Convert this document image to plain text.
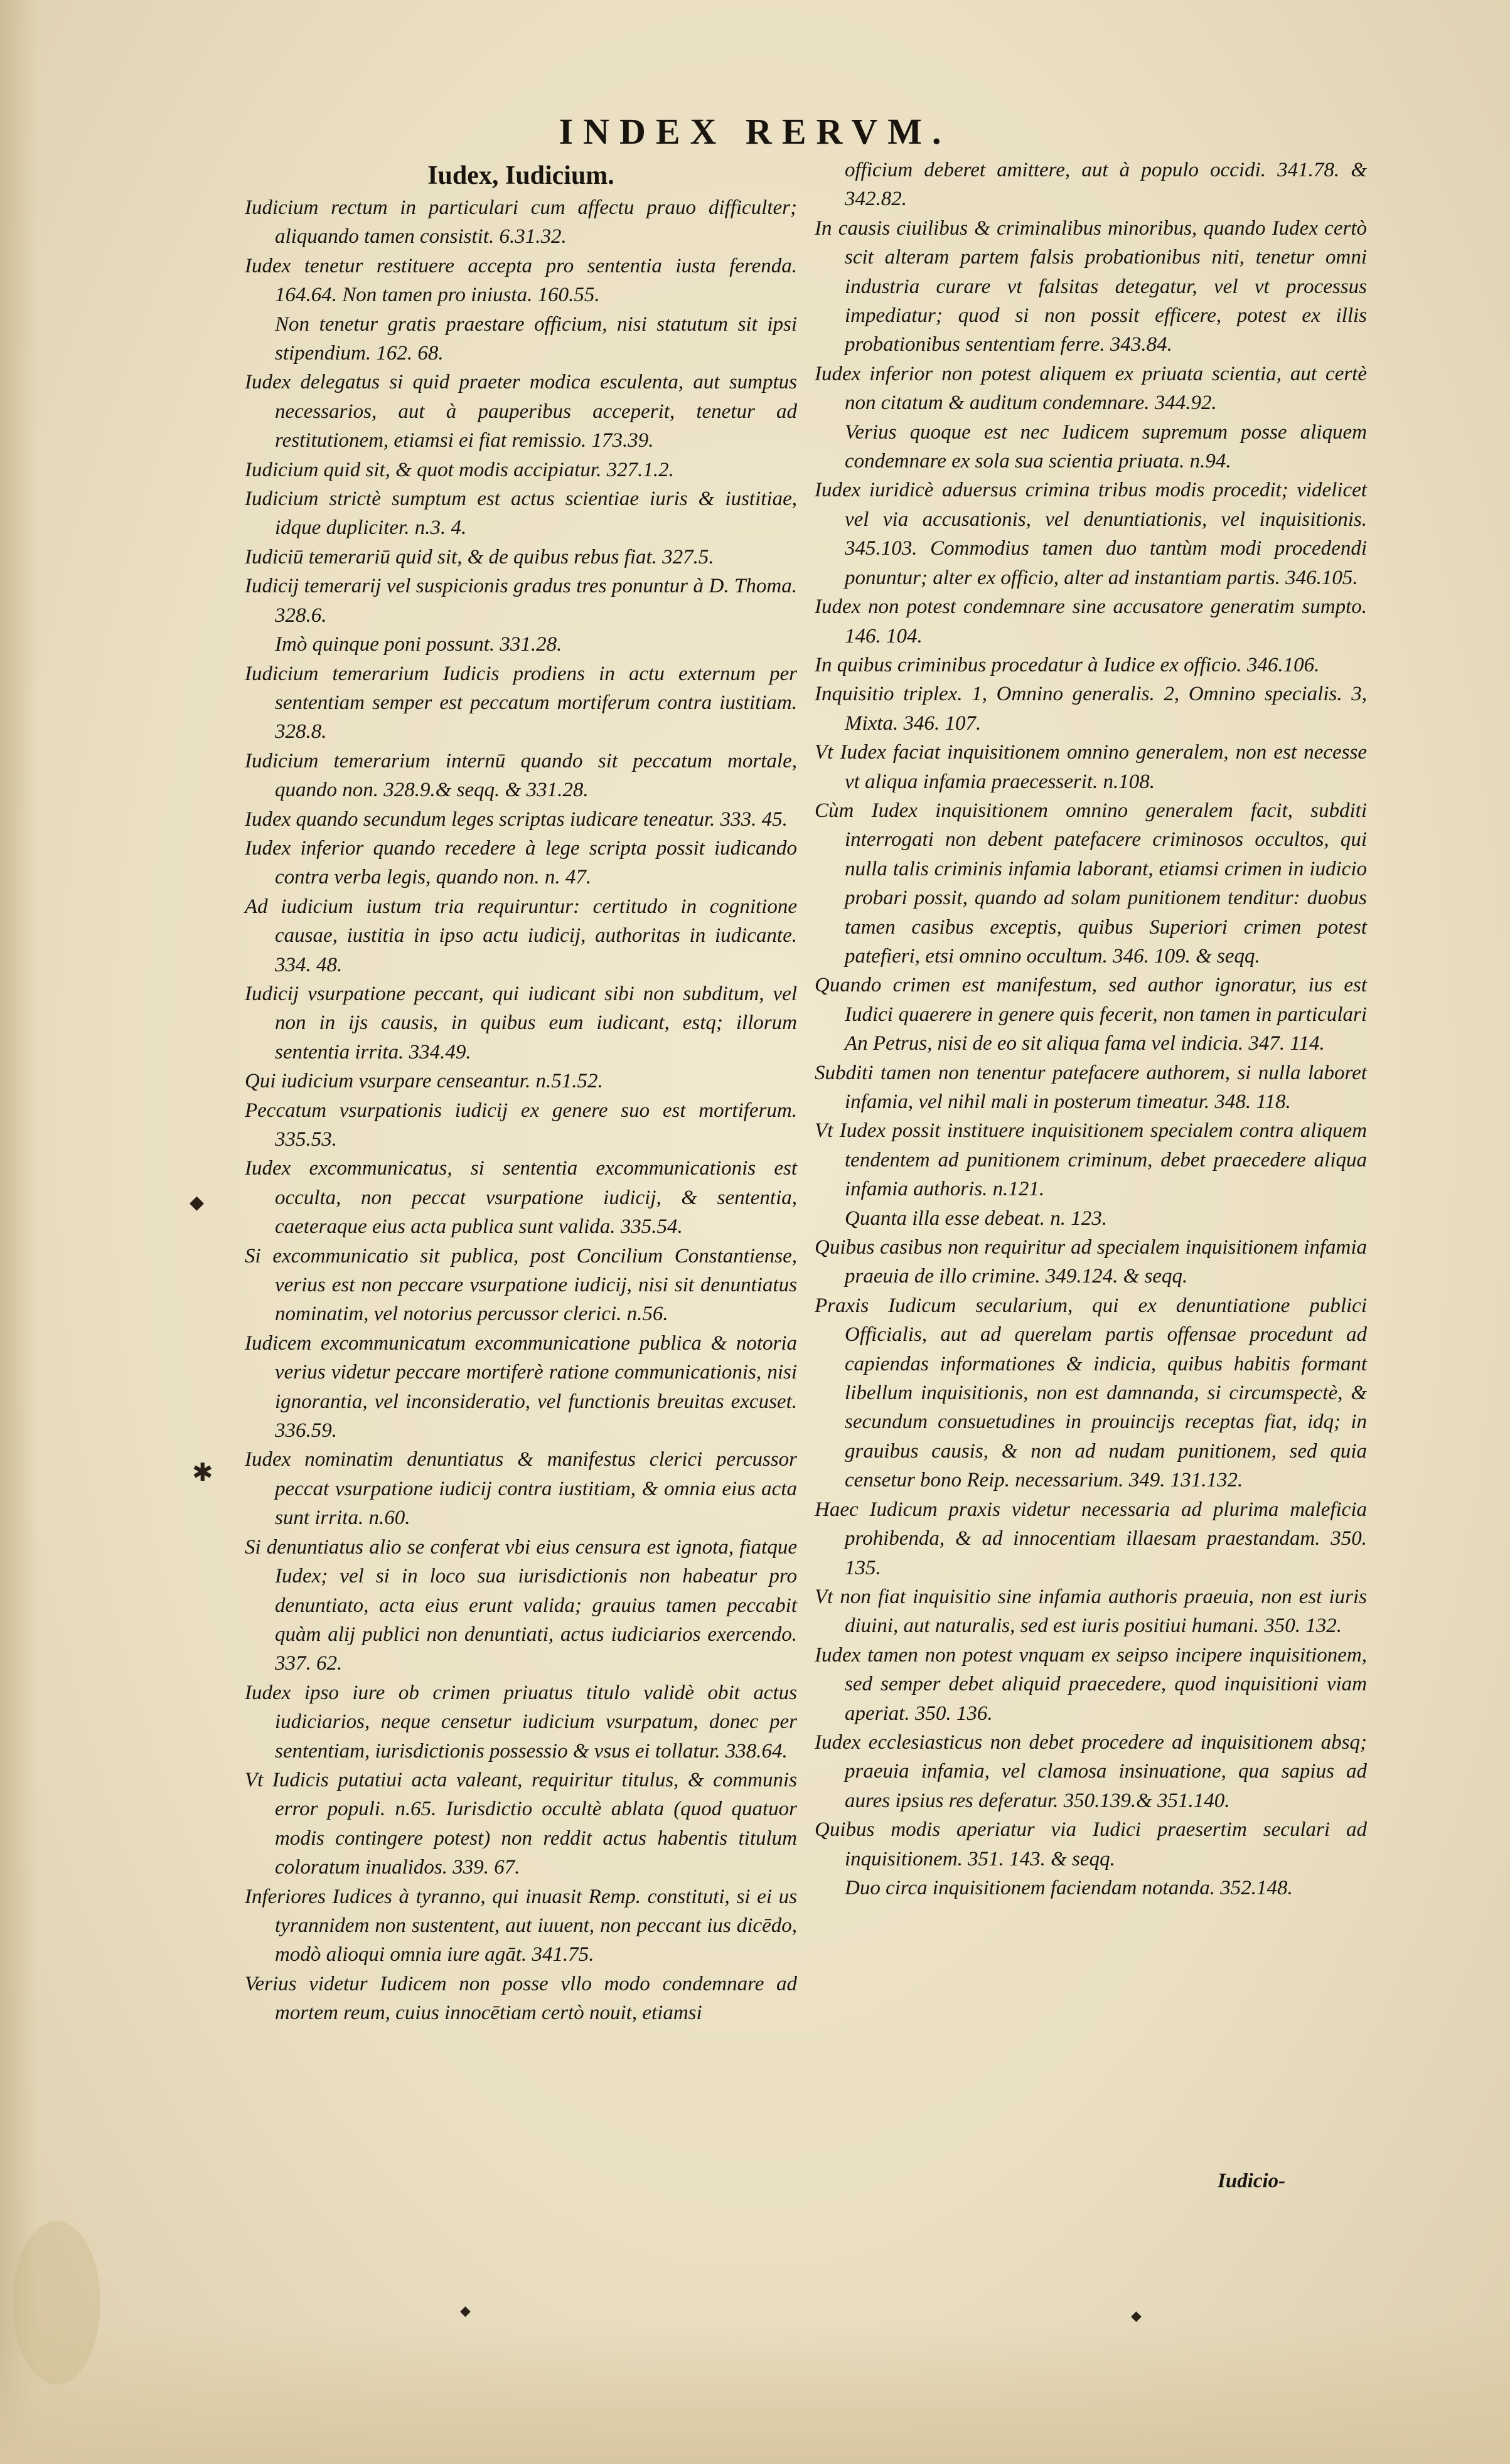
INDEX RERVM.
Iudex, Iudicium.

Iudicium rectum in particulari cum affectu prauo difficulter; aliquando tamen consistit. 6.31.32.

Iudex tenetur restituere accepta pro sententia iusta ferenda. 164.64. Non tamen pro iniusta. 160.55.

Non tenetur gratis praestare officium, nisi statutum sit ipsi stipendium. 162. 68.

Iudex delegatus si quid praeter modica esculenta, aut sumptus necessarios, aut à pauperibus acceperit, tenetur ad restitutionem, etiamsi ei fiat remissio. 173.39.

Iudicium quid sit, & quot modis accipiatur. 327.1.2.

Iudicium strictè sumptum est actus scientiae iuris & iustitiae, idque dupliciter. n.3. 4.

Iudiciū temerariū quid sit, & de quibus rebus fiat. 327.5.

Iudicij temerarij vel suspicionis gradus tres ponuntur à D. Thoma. 328.6.

Imò quinque poni possunt. 331.28.

Iudicium temerarium Iudicis prodiens in actu externum per sententiam semper est peccatum mortiferum contra iustitiam. 328.8.

Iudicium temerarium internū quando sit peccatum mortale, quando non. 328.9.& seqq. & 331.28.

Iudex quando secundum leges scriptas iudicare teneatur. 333. 45.

Iudex inferior quando recedere à lege scripta possit iudicando contra verba legis, quando non. n. 47.

Ad iudicium iustum tria requiruntur: certitudo in cognitione causae, iustitia in ipso actu iudicij, authoritas in iudicante. 334. 48.

Iudicij vsurpatione peccant, qui iudicant sibi non subditum, vel non in ijs causis, in quibus eum iudicant, estq; illorum sententia irrita. 334.49.

Qui iudicium vsurpare censeantur. n.51.52.

Peccatum vsurpationis iudicij ex genere suo est mortiferum. 335.53.

Iudex excommunicatus, si sententia excommunicationis est occulta, non peccat vsurpatione iudicij, & sententia, caeteraque eius acta publica sunt valida. 335.54.

Si excommunicatio sit publica, post Concilium Constantiense, verius est non peccare vsurpatione iudicij, nisi sit denuntiatus nominatim, vel notorius percussor clerici. n.56.

Iudicem excommunicatum excommunicatione publica & notoria verius videtur peccare mortiferè ratione communicationis, nisi ignorantia, vel inconsideratio, vel functionis breuitas excuset. 336.59.

Iudex nominatim denuntiatus & manifestus clerici percussor peccat vsurpatione iudicij contra iustitiam, & omnia eius acta sunt irrita. n.60.

Si denuntiatus alio se conferat vbi eius censura est ignota, fiatque Iudex; vel si in loco sua iurisdictionis non habeatur pro denuntiato, acta eius erunt valida; grauius tamen peccabit quàm alij publici non denuntiati, actus iudiciarios exercendo. 337. 62.

Iudex ipso iure ob crimen priuatus titulo validè obit actus iudiciarios, neque censetur iudicium vsurpatum, donec per sententiam, iurisdictionis possessio & vsus ei tollatur. 338.64.

Vt Iudicis putatiui acta valeant, requiritur titulus, & communis error populi. n.65. Iurisdictio occultè ablata (quod quatuor modis contingere potest) non reddit actus habentis titulum coloratum inualidos. 339. 67.

Inferiores Iudices à tyranno, qui inuasit Remp. constituti, si ei us tyrannidem non sustentent, aut iuuent, non peccant ius dicēdo, modò alioqui omnia iure agāt. 341.75.

Verius videtur Iudicem non posse vllo modo condemnare ad mortem reum, cuius innocētiam certò nouit, etiamsi

officium deberet amittere, aut à populo occidi. 341.78. & 342.82.

In causis ciuilibus & criminalibus minoribus, quando Iudex certò scit alteram partem falsis probationibus niti, tenetur omni industria curare vt falsitas detegatur, vel vt processus impediatur; quod si non possit efficere, potest ex illis probationibus sententiam ferre. 343.84.

Iudex inferior non potest aliquem ex priuata scientia, aut certè non citatum & auditum condemnare. 344.92.

Verius quoque est nec Iudicem supremum posse aliquem condemnare ex sola sua scientia priuata. n.94.

Iudex iuridicè aduersus crimina tribus modis procedit; videlicet vel via accusationis, vel denuntiationis, vel inquisitionis. 345.103. Commodius tamen duo tantùm modi procedendi ponuntur; alter ex officio, alter ad instantiam partis. 346.105.

Iudex non potest condemnare sine accusatore generatim sumpto. 146. 104.

In quibus criminibus procedatur à Iudice ex officio. 346.106.

Inquisitio triplex. 1, Omnino generalis. 2, Omnino specialis. 3, Mixta. 346. 107.

Vt Iudex faciat inquisitionem omnino generalem, non est necesse vt aliqua infamia praecesserit. n.108.

Cùm Iudex inquisitionem omnino generalem facit, subditi interrogati non debent patefacere criminosos occultos, qui nulla talis criminis infamia laborant, etiamsi crimen in iudicio probari possit, quando ad solam punitionem tenditur: duobus tamen casibus exceptis, quibus Superiori crimen potest patefieri, etsi omnino occultum. 346. 109. & seqq.

Quando crimen est manifestum, sed author ignoratur, ius est Iudici quaerere in genere quis fecerit, non tamen in particulari An Petrus, nisi de eo sit aliqua fama vel indicia. 347. 114.

Subditi tamen non tenentur patefacere authorem, si nulla laboret infamia, vel nihil mali in posterum timeatur. 348. 118.

Vt Iudex possit instituere inquisitionem specialem contra aliquem tendentem ad punitionem criminum, debet praecedere aliqua infamia authoris. n.121.

Quanta illa esse debeat. n. 123.

Quibus casibus non requiritur ad specialem inquisitionem infamia praeuia de illo crimine. 349.124. & seqq.

Praxis Iudicum secularium, qui ex denuntiatione publici Officialis, aut ad querelam partis offensae procedunt ad capiendas informationes & indicia, quibus habitis formant libellum inquisitionis, non est damnanda, si circumspectè, & secundum consuetudines in prouincijs receptas fiat, idq; in grauibus causis, & non ad nudam punitionem, sed quia censetur bono Reip. necessarium. 349. 131.132.

Haec Iudicum praxis videtur necessaria ad plurima maleficia prohibenda, & ad innocentiam illaesam praestandam. 350. 135.

Vt non fiat inquisitio sine infamia authoris praeuia, non est iuris diuini, aut naturalis, sed est iuris positiui humani. 350. 132.

Iudex tamen non potest vnquam ex seipso incipere inquisitionem, sed semper debet aliquid praecedere, quod inquisitioni viam aperiat. 350. 136.

Iudex ecclesiasticus non debet procedere ad inquisitionem absq; praeuia infamia, vel clamosa insinuatione, qua sapius ad aures ipsius res deferatur. 350.139.& 351.140.

Quibus modis aperiatur via Iudici praesertim seculari ad inquisitionem. 351. 143. & seqq.

Duo circa inquisitionem faciendam notanda. 352.148.

Iudicio-
◆
✱
◆	◆
